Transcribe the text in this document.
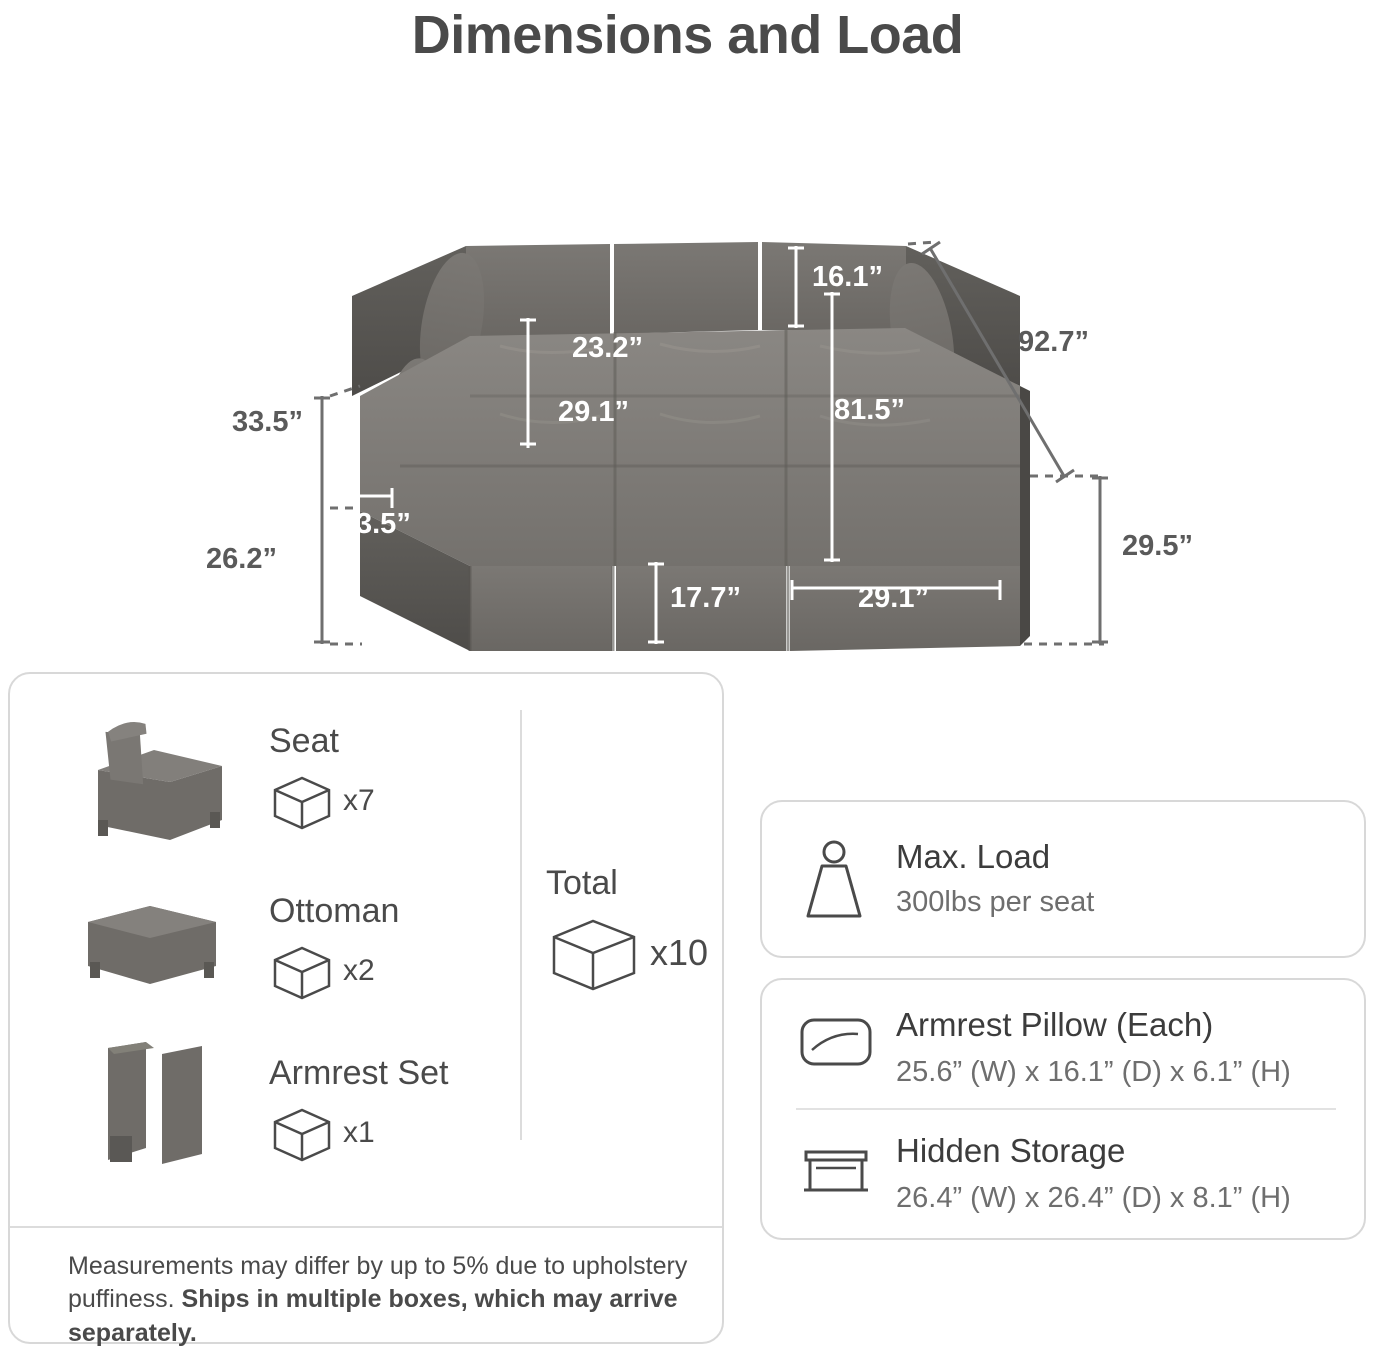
Dimensions and Load
16.1”
92.7”
23.2”
29.1”
33.5”	81.5”
3.5”
26.2”	29.5”
17.7”	29.1”
Seat
x7
Ottoman
x2
Armrest Set
x1
Total
x10
Measurements may differ by up to 5% due to upholstery puffiness. Ships in multiple boxes, which may arrive separately.
Max. Load
300lbs per seat
Armrest Pillow (Each)
25.6” (W) x 16.1” (D) x 6.1” (H)
Hidden Storage
26.4” (W) x 26.4” (D) x 8.1” (H)
